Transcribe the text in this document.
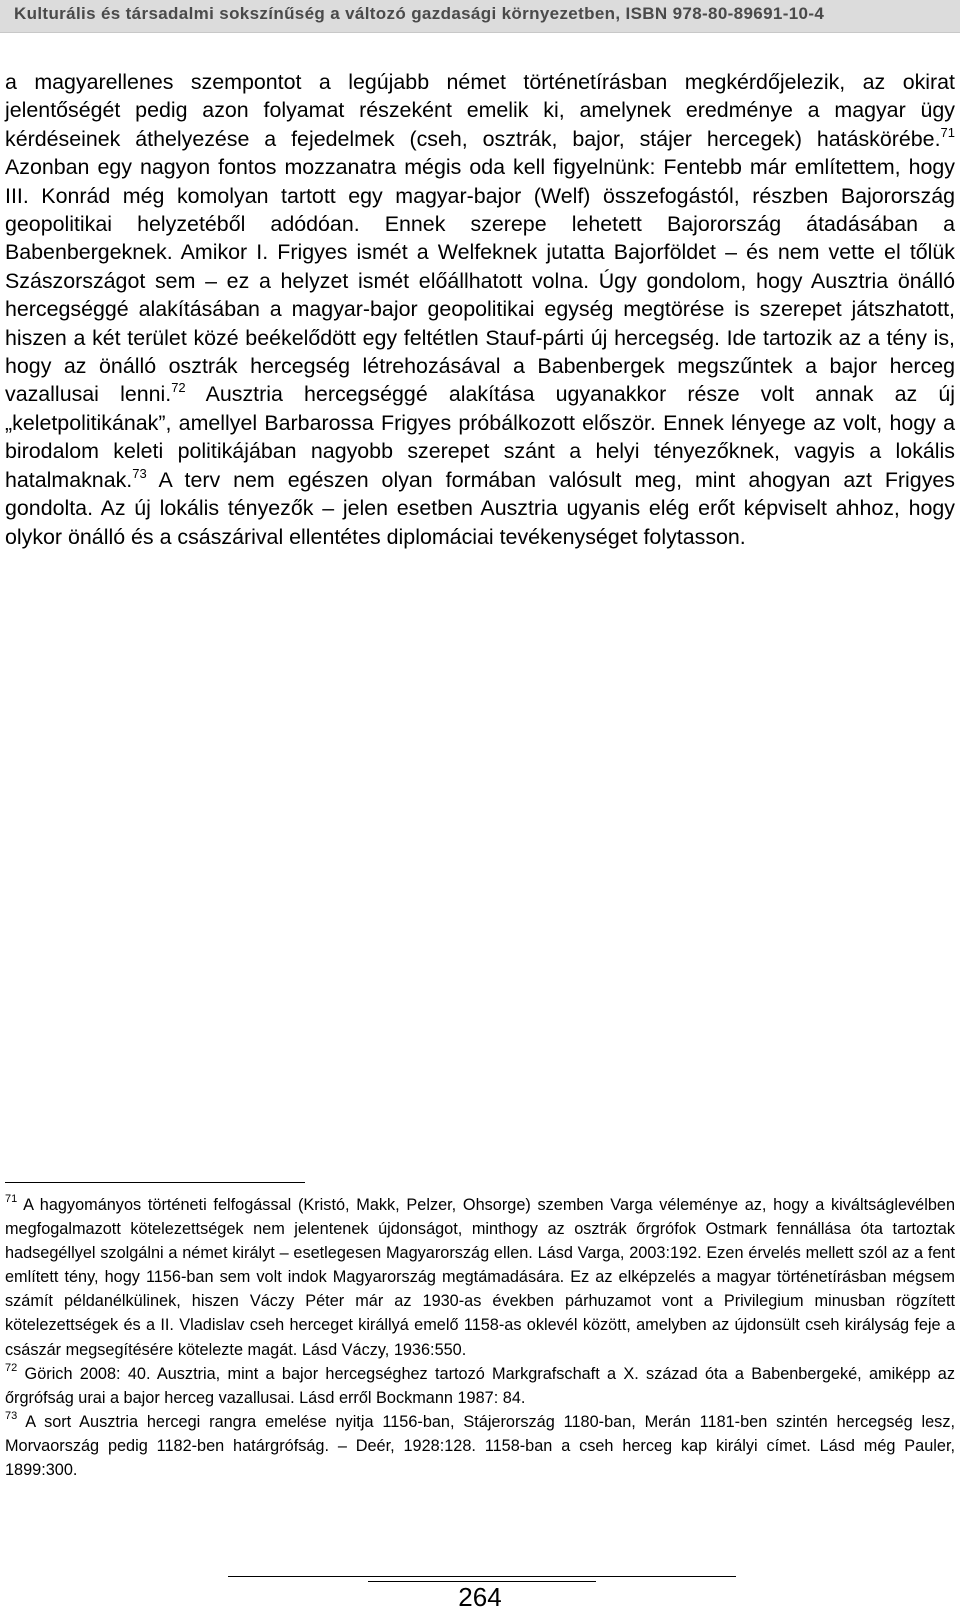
Kulturális és társadalmi sokszínűség a változó gazdasági környezetben, ISBN 978-80-89691-10-4

a magyarellenes szempontot a legújabb német történetírásban megkérdőjelezik, az okirat jelentőségét pedig azon folyamat részeként emelik ki, amelynek eredménye a magyar ügy kérdéseinek áthelyezése a fejedelmek (cseh, osztrák, bajor, stájer hercegek) hatáskörébe.$^{71}$ Azonban egy nagyon fontos mozzanatra mégis oda kell figyelnünk: Fentebb már említettem, hogy III. Konrád még komolyan tartott egy magyar-bajor (Welf) összefogástól, részben Bajorország geopolitikai helyzetéből adódóan. Ennek szerepe lehetett Bajorország átadásában a Babenbergeknek. Amikor I. Frigyes ismét a Welfeknek jutatta Bajorföldet – és nem vette el tőlük Szászországot sem – ez a helyzet ismét előállhatott volna. Úgy gondolom, hogy Ausztria önálló hercegséggé alakításában a magyar-bajor geopolitikai egység megtörése is szerepet játszhatott, hiszen a két terület közé beékelődött egy feltétlen Stauf-párti új hercegség. Ide tartozik az a tény is, hogy az önálló osztrák hercegség létrehozásával a Babenbergek megszűntek a bajor herceg vazallusai lenni.$^{72}$ Ausztria hercegséggé alakítása ugyanakkor része volt annak az új „keletpolitikának”, amellyel Barbarossa Frigyes próbálkozott először. Ennek lényege az volt, hogy a birodalom keleti politikájában nagyobb szerepet szánt a helyi tényezőknek, vagyis a lokális hatalmaknak.$^{73}$ A terv nem egészen olyan formában valósult meg, mint ahogyan azt Frigyes gondolta. Az új lokális tényezők – jelen esetben Ausztria ugyanis elég erőt képviselt ahhoz, hogy olykor önálló és a császárival ellentétes diplomáciai tevékenységet folytasson.

$^{71}$ A hagyományos történeti felfogással (Kristó, Makk, Pelzer, Ohsorge) szemben Varga véleménye az, hogy a kiváltságlevélben megfogalmazott kötelezettségek nem jelentenek újdonságot, minthogy az osztrák őrgrófok Ostmark fennállása óta tartoztak hadsegéllyel szolgálni a német királyt – esetlegesen Magyarország ellen. Lásd Varga, 2003:192. Ezen érvelés mellett szól az a fent említett tény, hogy 1156-ban sem volt indok Magyarország megtámadására. Ez az elképzelés a magyar történetírásban mégsem számít példanélkülinek, hiszen Váczy Péter már az 1930-as években párhuzamot vont a Privilegium minusban rögzített kötelezettségek és a II. Vladislav cseh herceget királlyá emelő 1158-as oklevél között, amelyben az újdonsült cseh királyság feje a császár megsegítésére kötelezte magát. Lásd Váczy, 1936:550.

$^{72}$ Görich 2008: 40. Ausztria, mint a bajor hercegséghez tartozó Markgrafschaft a X. század óta a Babenbergeké, amiképp az őrgrófság urai a bajor herceg vazallusai. Lásd erről Bockmann 1987: 84.

$^{73}$ A sort Ausztria hercegi rangra emelése nyitja 1156-ban, Stájerország 1180-ban, Merán 1181-ben szintén hercegség lesz, Morvaország pedig 1182-ben határgrófság. – Deér, 1928:128. 1158-ban a cseh herceg kap királyi címet. Lásd még Pauler, 1899:300.

264
